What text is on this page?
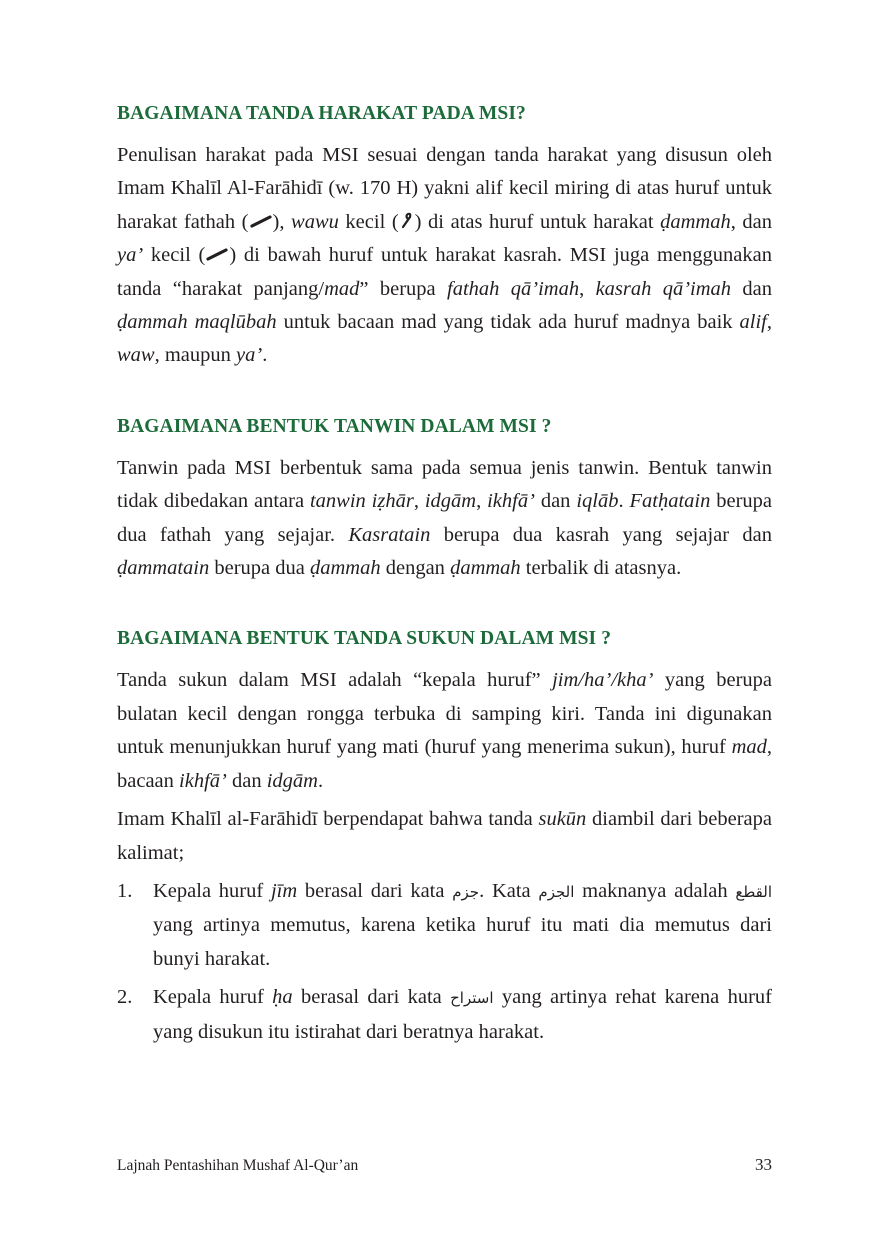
BAGAIMANA TANDA HARAKAT PADA MSI?

Penulisan harakat pada MSI sesuai dengan tanda harakat yang disusun oleh Imam Khalīl Al-Farāhidī (w. 170 H) yakni alif kecil miring di atas huruf untuk harakat fathah ( ), wawu kecil ( ) di atas huruf untuk harakat ḍammah, dan ya’ kecil ( ) di bawah huruf untuk harakat kasrah. MSI juga menggunakan tanda “harakat panjang/mad” berupa fathah qā’imah, kasrah qā’imah dan ḍammah maqlūbah untuk bacaan mad yang tidak ada huruf madnya baik alif, waw, maupun ya’.

BAGAIMANA BENTUK TANWIN DALAM MSI ?

Tanwin pada MSI berbentuk sama pada semua jenis tanwin. Bentuk tanwin tidak dibedakan antara tanwin iẓhār, idgām, ikhfā’ dan iqlāb. Fatḥatain berupa dua fathah yang sejajar. Kasratain berupa dua kasrah yang sejajar dan ḍammatain berupa dua ḍammah dengan ḍammah terbalik di atasnya.

BAGAIMANA BENTUK TANDA SUKUN DALAM MSI ?

Tanda sukun dalam MSI adalah “kepala huruf” jim/ha’/kha’ yang berupa bulatan kecil dengan rongga terbuka di samping kiri. Tanda ini digunakan untuk menunjukkan huruf yang mati (huruf yang menerima sukun), huruf mad, bacaan ikhfā’ dan idgām.

Imam Khalīl al-Farāhidī berpendapat bahwa tanda sukūn diambil dari beberapa kalimat;

1. Kepala huruf jīm berasal dari kata جزم. Kata الجزم maknanya adalah القطع yang artinya memutus, karena ketika huruf itu mati dia memutus dari bunyi harakat.
2. Kepala huruf ḥa berasal dari kata استراح yang artinya rehat karena huruf yang disukun itu istirahat dari beratnya harakat.
Lajnah Pentashihan Mushaf Al-Qur’an	33
